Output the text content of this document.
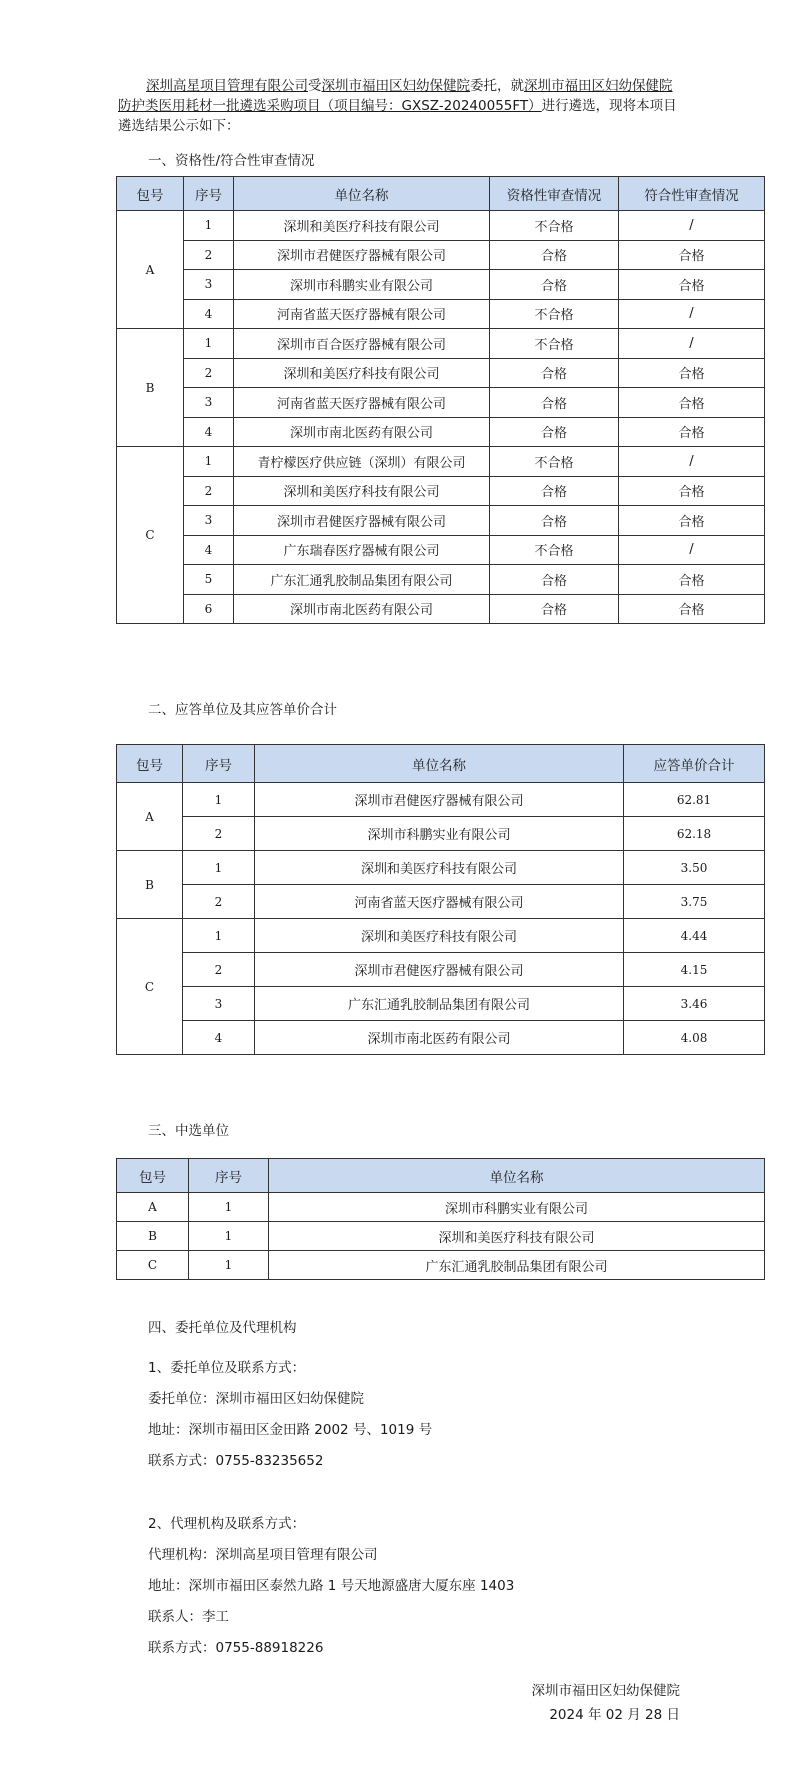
深圳高星项目管理有限公司受深圳市福田区妇幼保健院委托，就深圳市福田区妇幼保健院防护类医用耗材一批遴选采购项目（项目编号：GXSZ-20240055FT）进行遴选，现将本项目遴选结果公示如下：
一、资格性/符合性审查情况
包号	序号	单位名称	资格性审查情况	符合性审查情况
A	1	深圳和美医疗科技有限公司	不合格	/
	2	深圳市君健医疗器械有限公司	合格	合格
	3	深圳市科鹏实业有限公司	合格	合格
	4	河南省蓝天医疗器械有限公司	不合格	/
B	1	深圳市百合医疗器械有限公司	不合格	/
	2	深圳和美医疗科技有限公司	合格	合格
	3	河南省蓝天医疗器械有限公司	合格	合格
	4	深圳市南北医药有限公司	合格	合格
C	1	青柠檬医疗供应链（深圳）有限公司	不合格	/
	2	深圳和美医疗科技有限公司	合格	合格
	3	深圳市君健医疗器械有限公司	合格	合格
	4	广东瑞春医疗器械有限公司	不合格	/
	5	广东汇通乳胶制品集团有限公司	合格	合格
	6	深圳市南北医药有限公司	合格	合格
二、应答单位及其应答单价合计
包号	序号	单位名称	应答单价合计
A	1	深圳市君健医疗器械有限公司	62.81
	2	深圳市科鹏实业有限公司	62.18
B	1	深圳和美医疗科技有限公司	3.50
	2	河南省蓝天医疗器械有限公司	3.75
C	1	深圳和美医疗科技有限公司	4.44
	2	深圳市君健医疗器械有限公司	4.15
	3	广东汇通乳胶制品集团有限公司	3.46
	4	深圳市南北医药有限公司	4.08
三、中选单位
包号	序号	单位名称
A	1	深圳市科鹏实业有限公司
B	1	深圳和美医疗科技有限公司
C	1	广东汇通乳胶制品集团有限公司
四、委托单位及代理机构
1、委托单位及联系方式：
委托单位：深圳市福田区妇幼保健院
地址：深圳市福田区金田路 2002 号、1019 号
联系方式：0755-83235652
2、代理机构及联系方式：
代理机构：深圳高星项目管理有限公司
地址：深圳市福田区泰然九路 1 号天地源盛唐大厦东座 1403
联系人：李工
联系方式：0755-88918226
深圳市福田区妇幼保健院
2024 年 02 月 28 日
